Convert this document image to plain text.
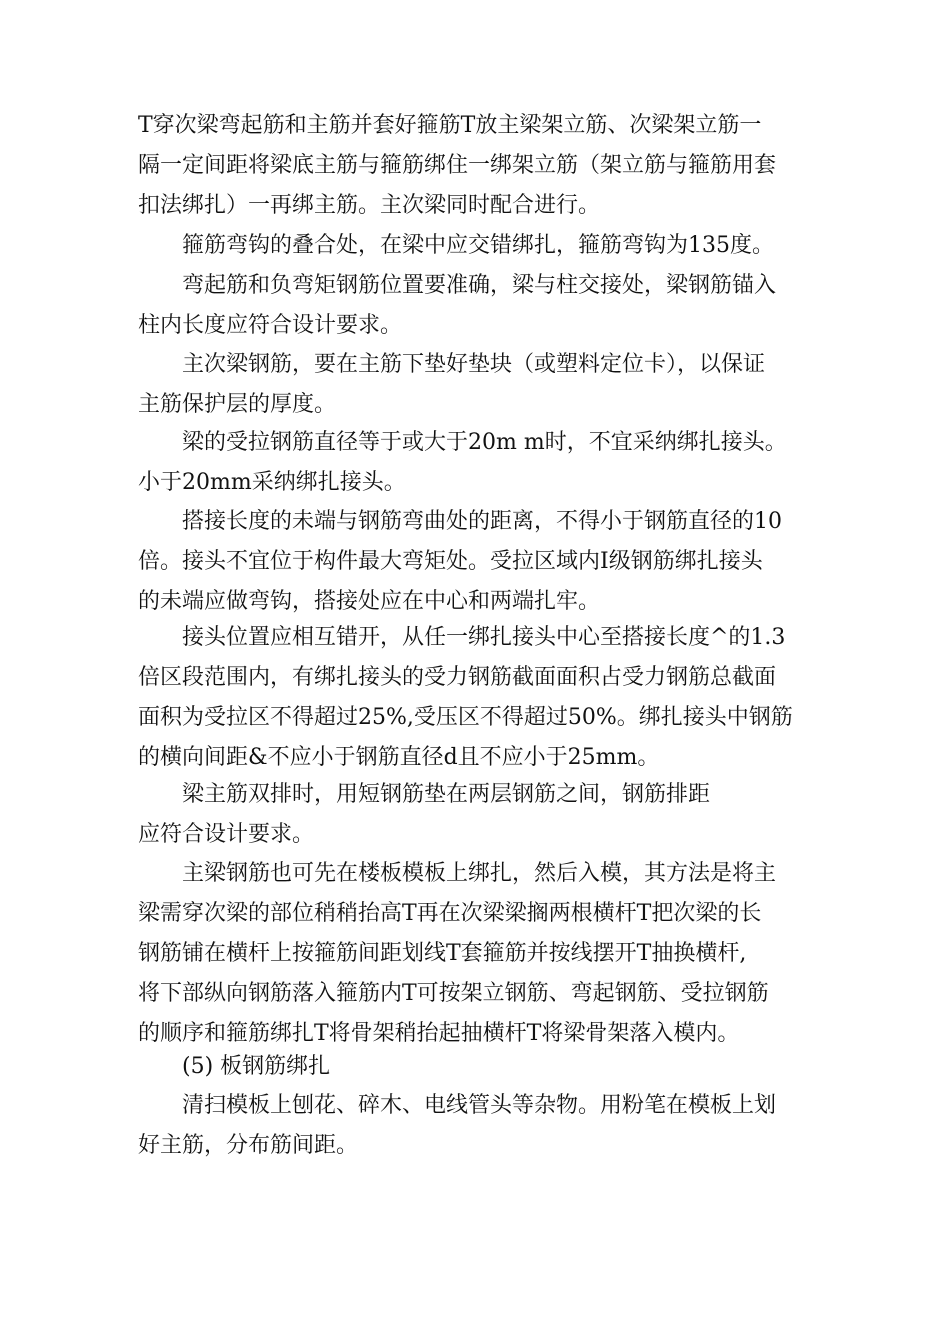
T穿次梁弯起筋和主筋并套好箍筋T放主梁架立筋、次梁架立筋一
隔一定间距将梁底主筋与箍筋绑住一绑架立筋（架立筋与箍筋用套
扣法绑扎）一再绑主筋。主次梁同时配合进行。
箍筋弯钩的叠合处，在梁中应交错绑扎，箍筋弯钩为135度。
弯起筋和负弯矩钢筋位置要准确，梁与柱交接处，梁钢筋锚入
柱内长度应符合设计要求。
主次梁钢筋，要在主筋下垫好垫块（或塑料定位卡），以保证
主筋保护层的厚度。
梁的受拉钢筋直径等于或大于20m m时，不宜采纳绑扎接头。
小于20mm采纳绑扎接头。
搭接长度的未端与钢筋弯曲处的距离，不得小于钢筋直径的10
倍。接头不宜位于构件最大弯矩处。受拉区域内I级钢筋绑扎接头
的未端应做弯钩，搭接处应在中心和两端扎牢。
接头位置应相互错开，从任一绑扎接头中心至搭接长度^的1.3
倍区段范围内，有绑扎接头的受力钢筋截面面积占受力钢筋总截面
面积为受拉区不得超过25%,受压区不得超过50%。绑扎接头中钢筋
的横向间距&不应小于钢筋直径d且不应小于25mm。
梁主筋双排时，用短钢筋垫在两层钢筋之间，钢筋排距
应符合设计要求。
主梁钢筋也可先在楼板模板上绑扎，然后入模，其方法是将主
梁需穿次梁的部位稍稍抬高T再在次梁梁搁两根横杆T把次梁的长
钢筋铺在横杆上按箍筋间距划线T套箍筋并按线摆开T抽换横杆,
将下部纵向钢筋落入箍筋内T可按架立钢筋、弯起钢筋、受拉钢筋
的顺序和箍筋绑扎T将骨架稍抬起抽横杆T将梁骨架落入模内。
(5) 板钢筋绑扎
清扫模板上刨花、碎木、电线管头等杂物。用粉笔在模板上划
好主筋，分布筋间距。
